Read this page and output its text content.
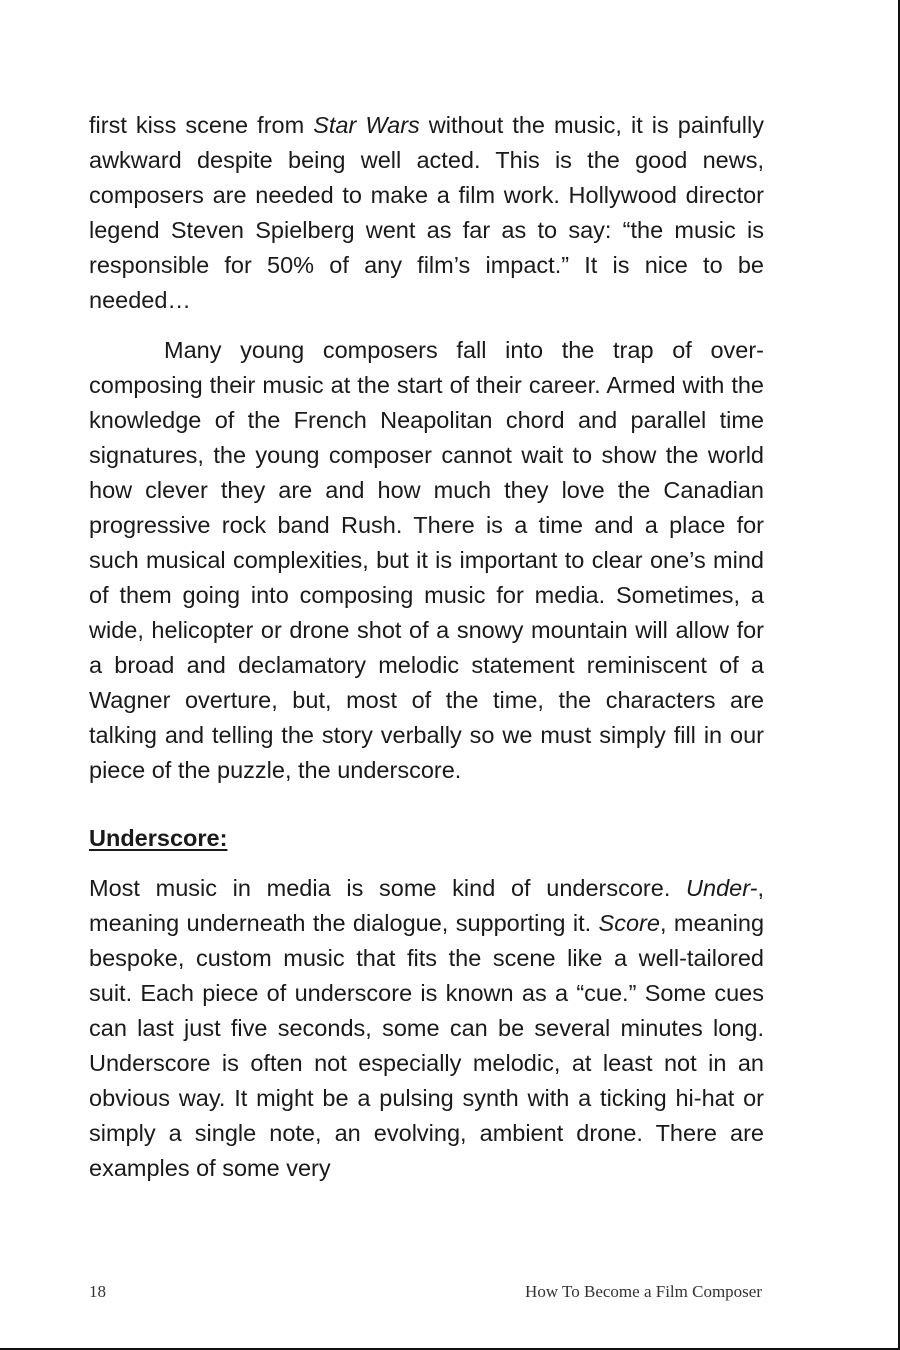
first kiss scene from Star Wars without the music, it is painfully awkward despite being well acted. This is the good news, composers are needed to make a film work. Hollywood director legend Steven Spielberg went as far as to say: “the music is responsible for 50% of any film’s impact.” It is nice to be needed…

Many young composers fall into the trap of over-composing their music at the start of their career. Armed with the knowledge of the French Neapolitan chord and parallel time signatures, the young composer cannot wait to show the world how clever they are and how much they love the Canadian progressive rock band Rush. There is a time and a place for such musical complexities, but it is important to clear one’s mind of them going into composing music for media. Sometimes, a wide, helicopter or drone shot of a snowy mountain will allow for a broad and declamatory melodic statement reminiscent of a Wagner overture, but, most of the time, the characters are talking and telling the story verbally so we must simply fill in our piece of the puzzle, the underscore.

Underscore:

Most music in media is some kind of underscore. Under-, meaning underneath the dialogue, supporting it. Score, meaning bespoke, custom music that fits the scene like a well-tailored suit. Each piece of underscore is known as a “cue.” Some cues can last just five seconds, some can be several minutes long. Underscore is often not especially melodic, at least not in an obvious way. It might be a pulsing synth with a ticking hi-hat or simply a single note, an evolving, ambient drone. There are examples of some very

18	How To Become a Film Composer
